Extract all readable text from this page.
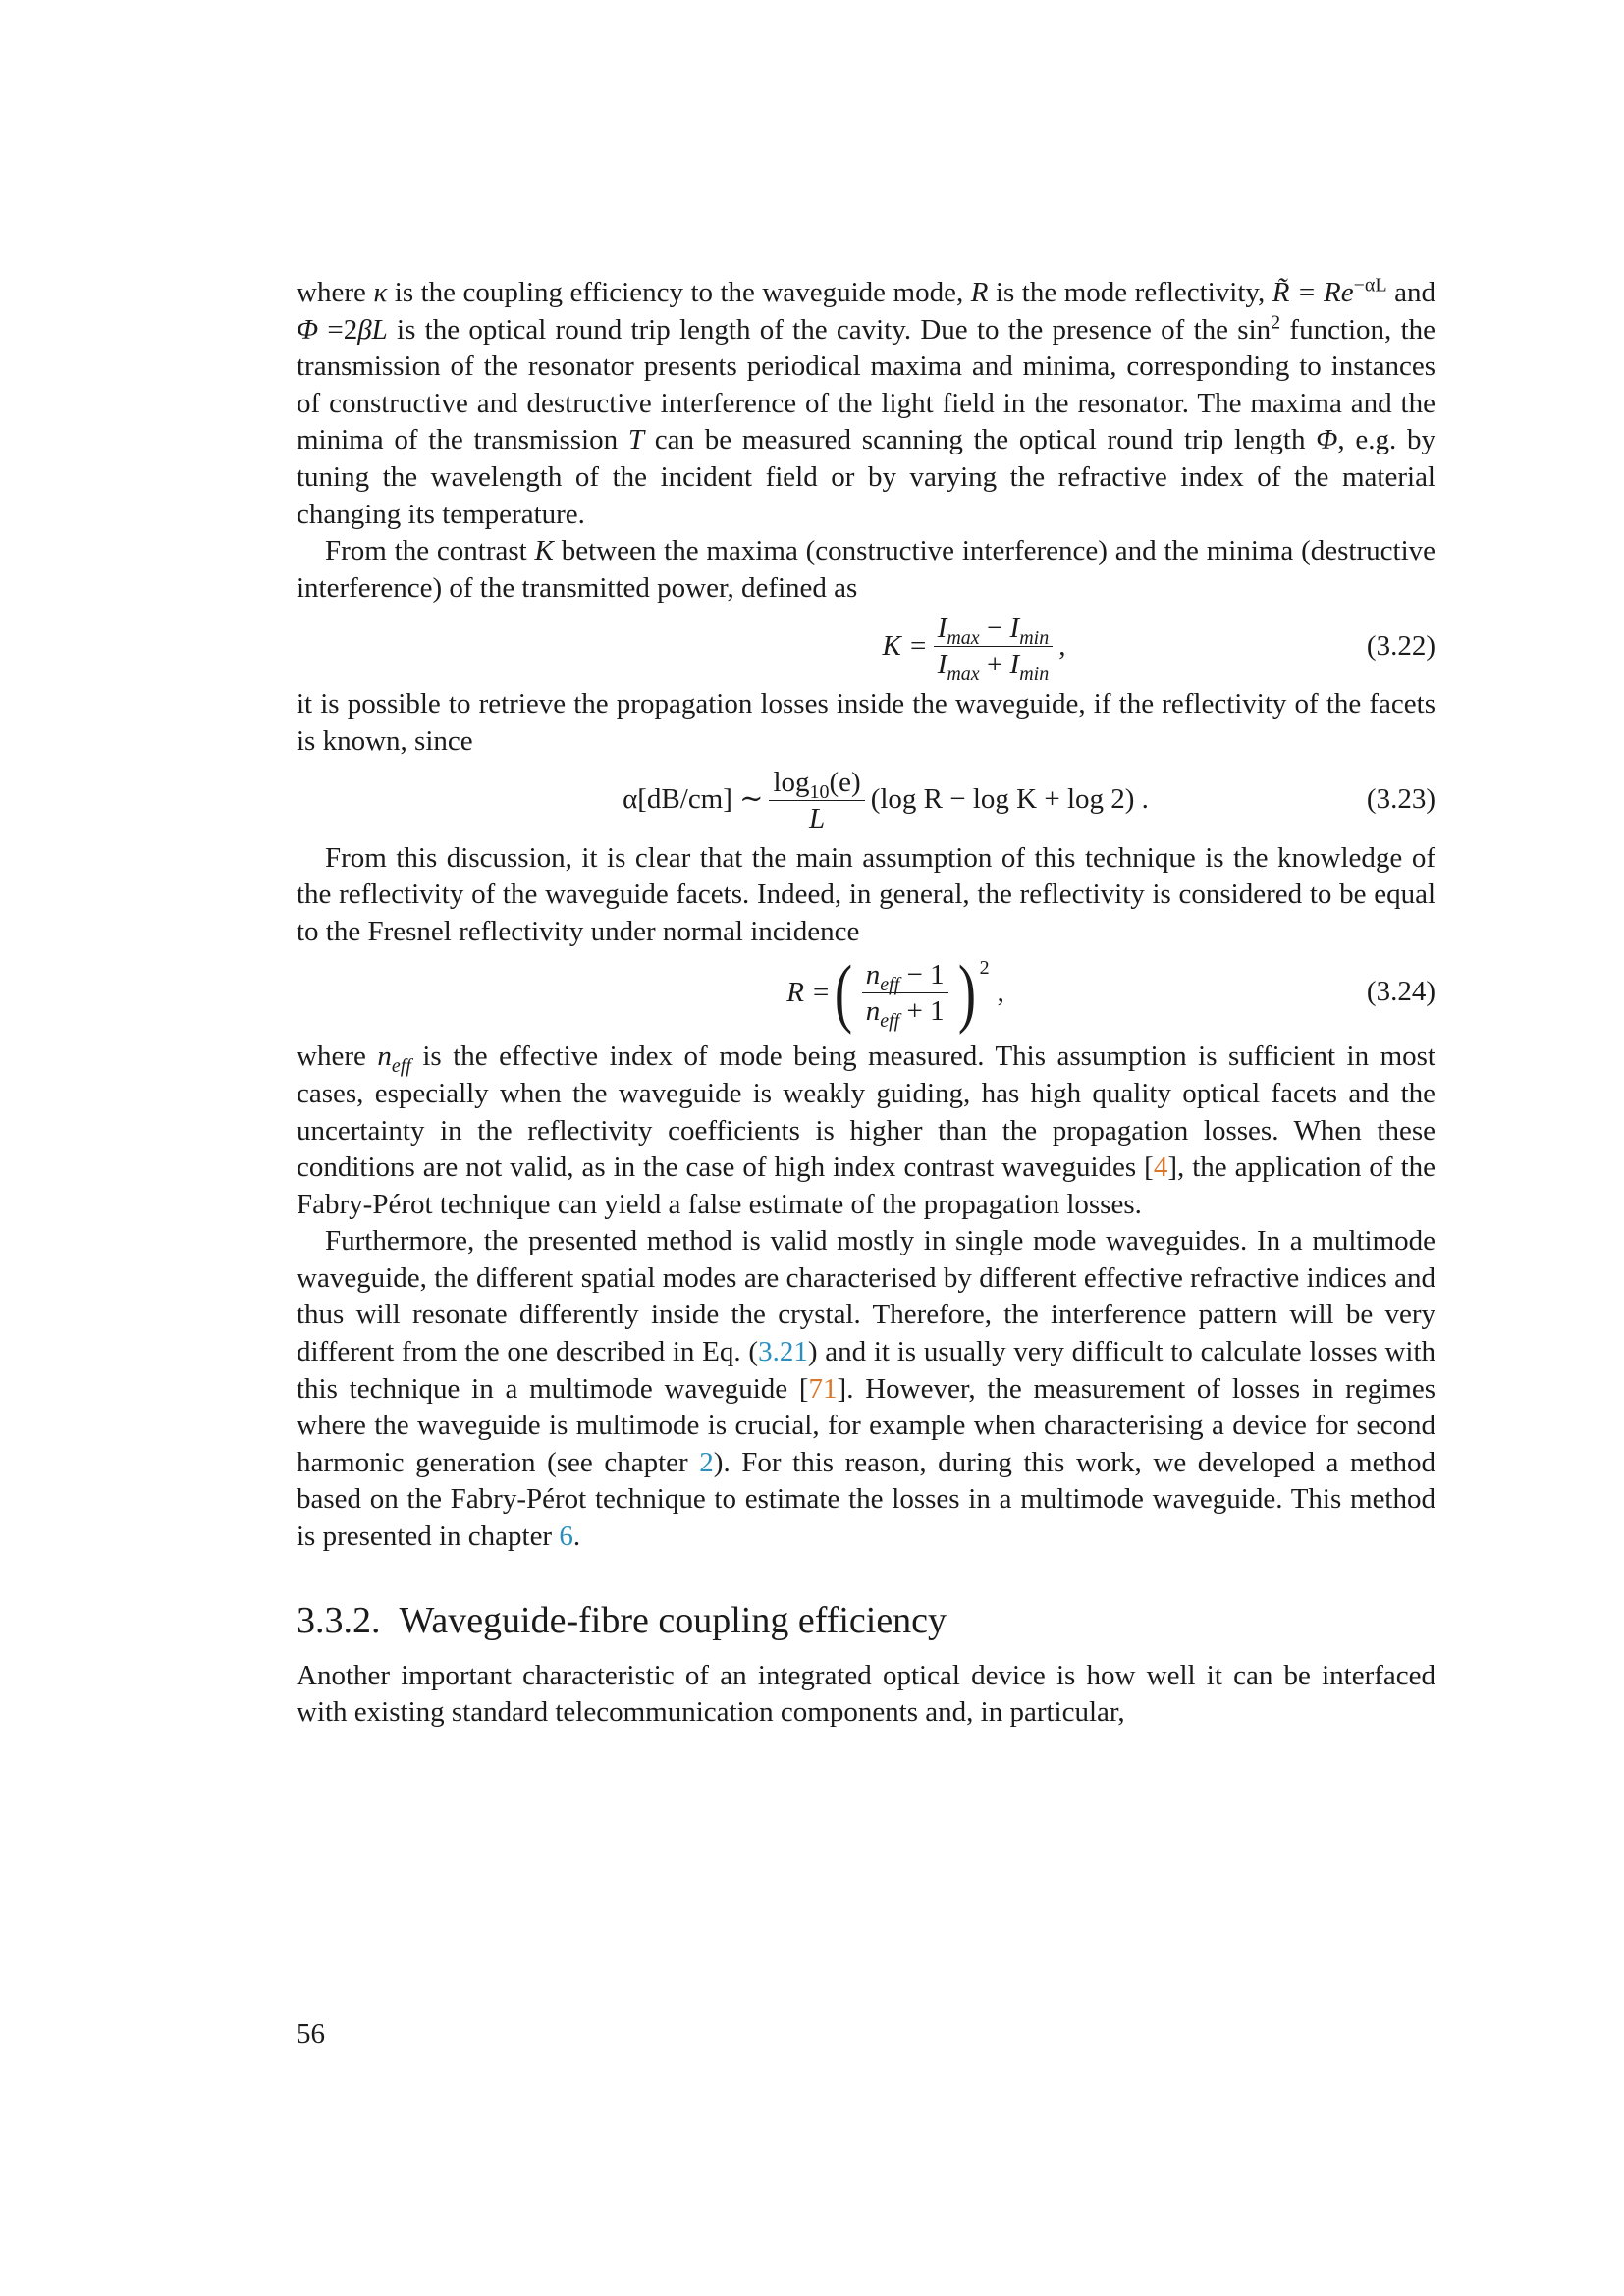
where κ is the coupling efficiency to the waveguide mode, R is the mode reflectivity, R̃ = $Re^{-\alpha L}$ and Φ =2βL is the optical round trip length of the cavity. Due to the presence of the $\sin^2$ function, the transmission of the resonator presents periodical maxima and minima, corresponding to instances of constructive and destructive interference of the light field in the resonator. The maxima and the minima of the transmission T can be measured scanning the optical round trip length Φ, e.g. by tuning the wavelength of the incident field or by varying the refractive index of the material changing its temperature.

From the contrast K between the maxima (constructive interference) and the minima (destructive interference) of the transmitted power, defined as

$K = \frac{I_{max} - I_{min}}{I_{max} + I_{min}}$ ,	(3.22)

it is possible to retrieve the propagation losses inside the waveguide, if the reflectivity of the facets is known, since

α[dB/cm] ∼ $\frac{\log_{10}(e)}{L} (\log$ R − log K + log 2) .	(3.23)

From this discussion, it is clear that the main assumption of this technique is the knowledge of the reflectivity of the waveguide facets. Indeed, in general, the reflectivity is considered to be equal to the Fresnel reflectivity under normal incidence

R = ( $\frac{n_{eff} - 1}{n_{eff} + 1}$ ) 2
,	(3.24)

where $n_{eff}$ is the effective index of mode being measured. This assumption is sufficient in most cases, especially when the waveguide is weakly guiding, has high quality optical facets and the uncertainty in the reflectivity coefficients is higher than the propagation losses. When these conditions are not valid, as in the case of high index contrast waveguides [4], the application of the Fabry-Pérot technique can yield a false estimate of the propagation losses.

Furthermore, the presented method is valid mostly in single mode waveguides. In a multimode waveguide, the different spatial modes are characterised by different effective refractive indices and thus will resonate differently inside the crystal. Therefore, the interference pattern will be very different from the one described in Eq. (3.21) and it is usually very difficult to calculate losses with this technique in a multimode waveguide [71]. However, the measurement of losses in regimes where the waveguide is multimode is crucial, for example when characterising a device for second harmonic generation (see chapter 2). For this reason, during this work, we developed a method based on the Fabry-Pérot technique to estimate the losses in a multimode waveguide. This method is presented in chapter 6.

3.3.2. Waveguide-fibre coupling efficiency

Another important characteristic of an integrated optical device is how well it can be interfaced with existing standard telecommunication components and, in particular,

56
